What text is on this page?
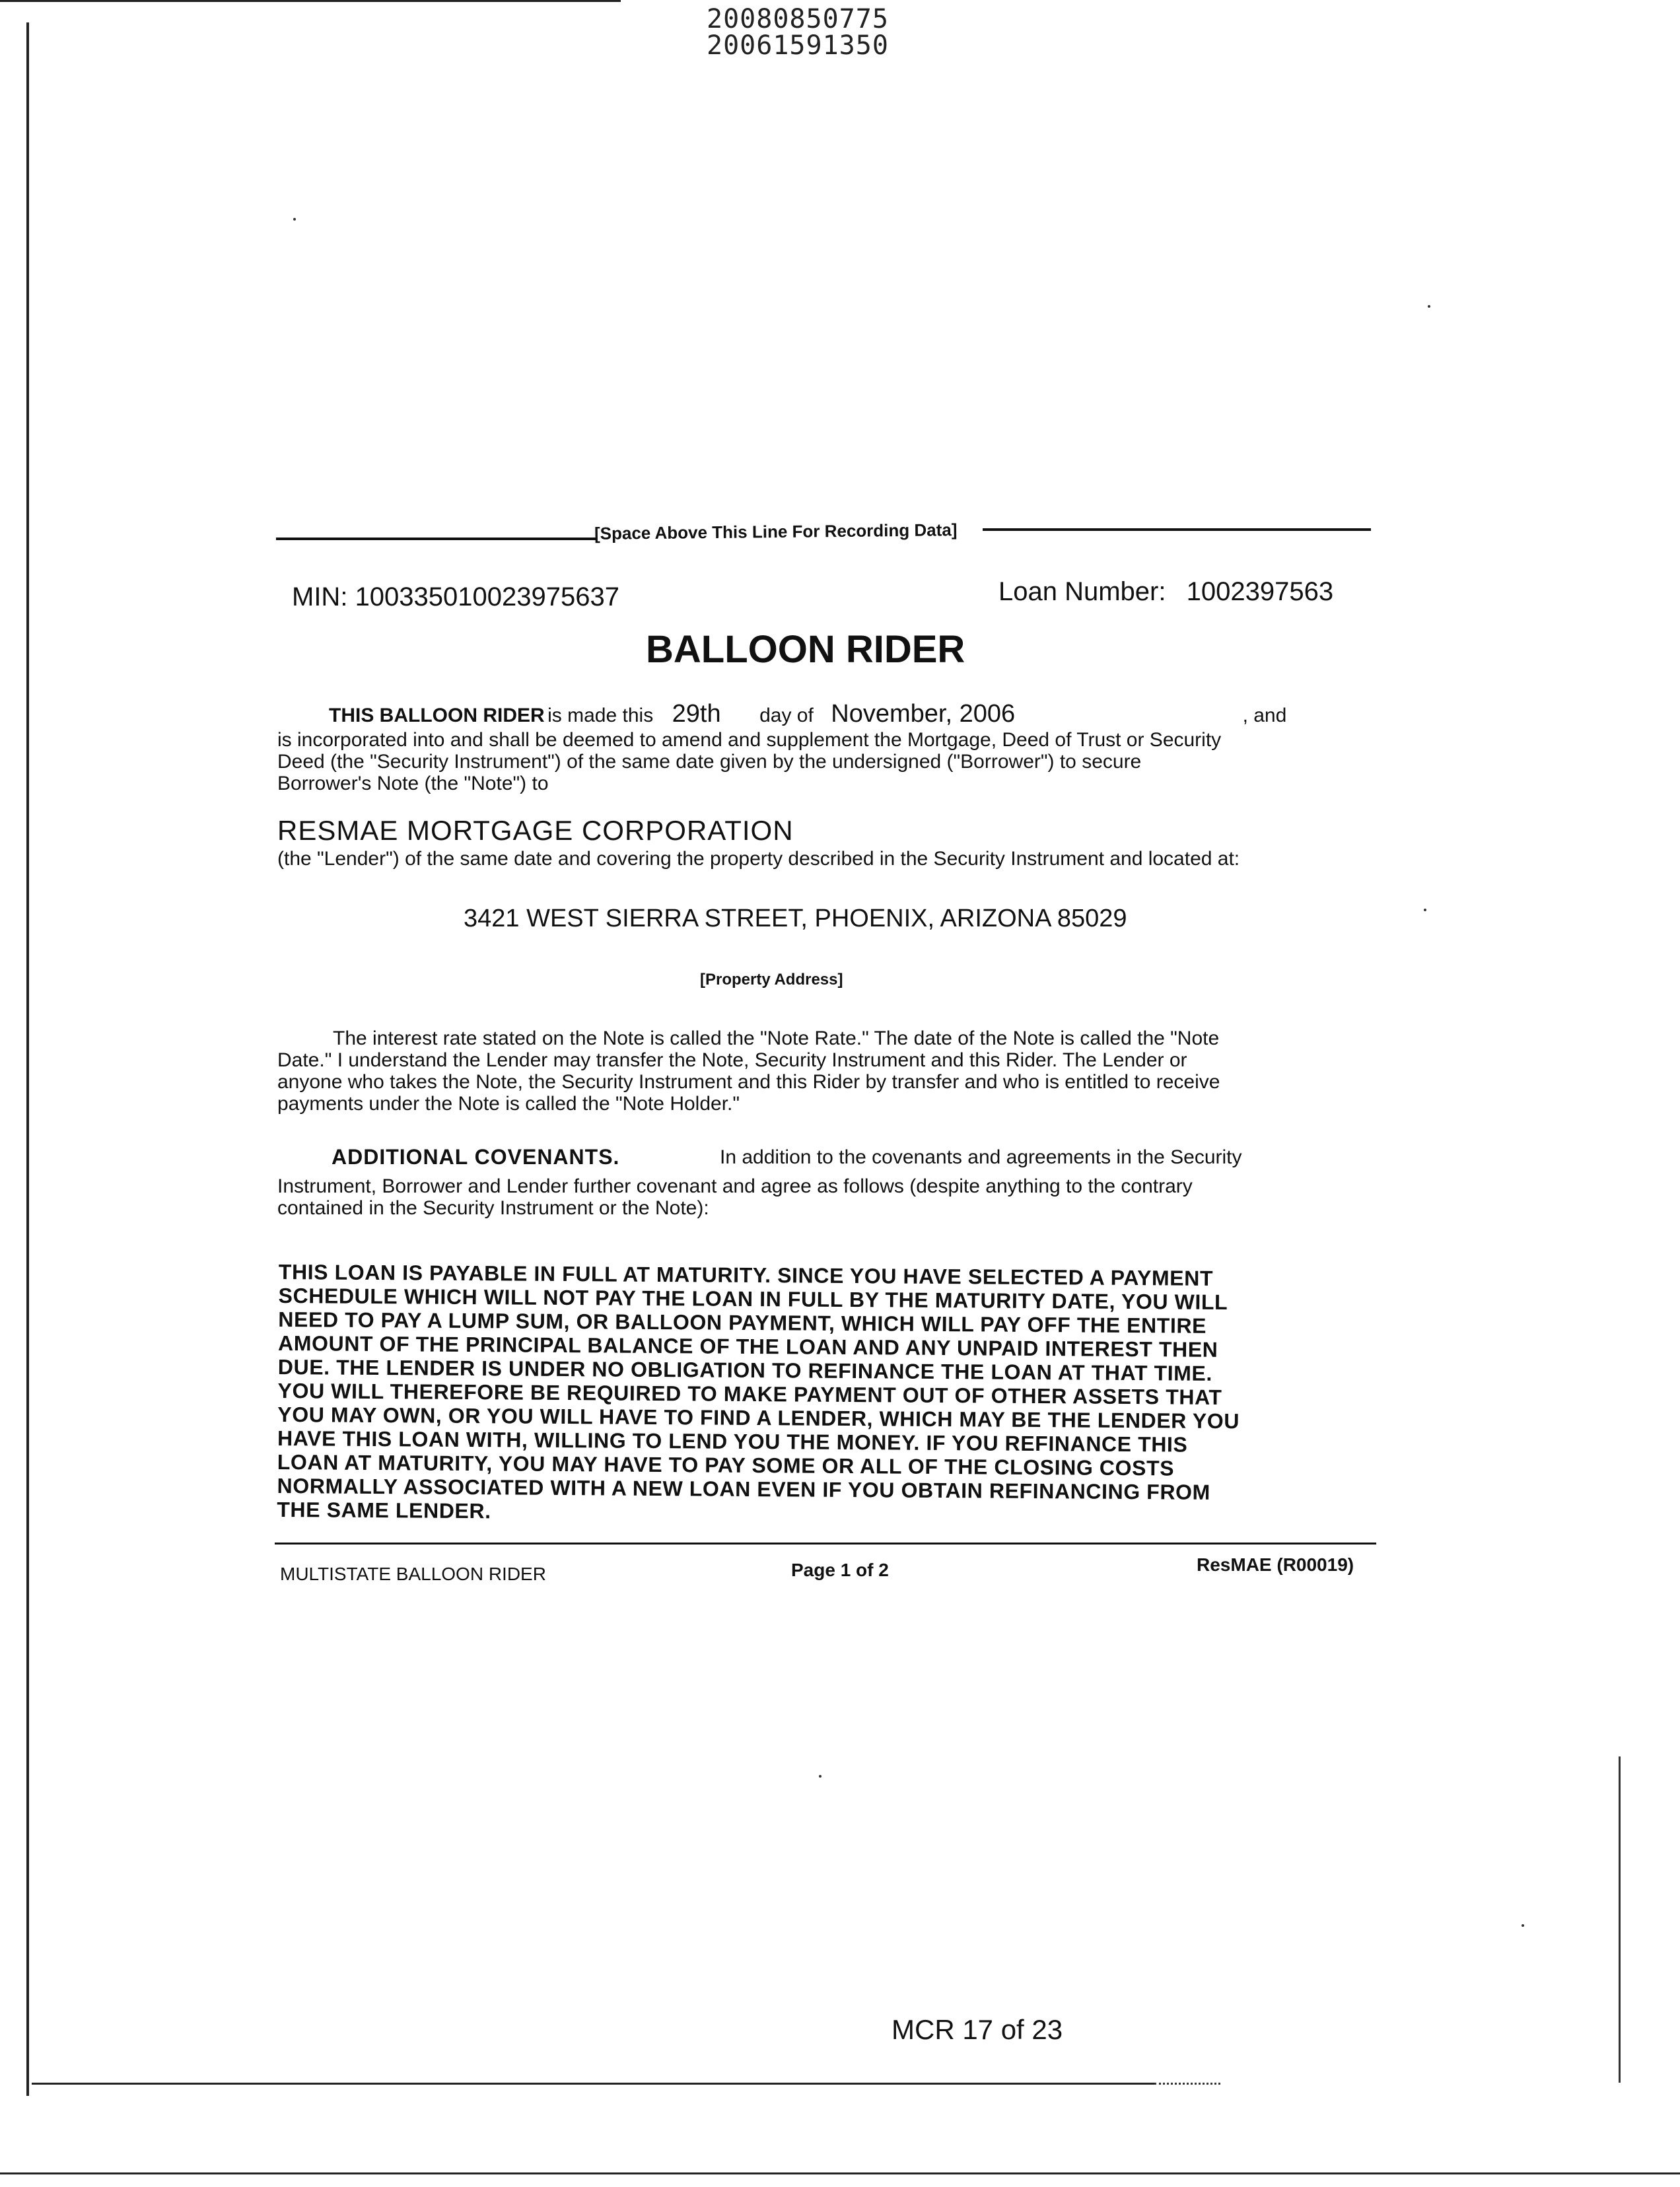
20080850775
20061591350
[Space Above This Line For Recording Data]
MIN: 100335010023975637	Loan Number: 1002397563
BALLOON RIDER
THIS BALLOON RIDER is made this 29th day of November, 2006	, and
is incorporated into and shall be deemed to amend and supplement the Mortgage, Deed of Trust or Security
Deed (the "Security Instrument") of the same date given by the undersigned ("Borrower") to secure
Borrower's Note (the "Note") to
RESMAE MORTGAGE CORPORATION
(the "Lender") of the same date and covering the property described in the Security Instrument and located at:
3421 WEST SIERRA STREET, PHOENIX, ARIZONA 85029
[Property Address]
The interest rate stated on the Note is called the "Note Rate." The date of the Note is called the "Note
Date." I understand the Lender may transfer the Note, Security Instrument and this Rider. The Lender or
anyone who takes the Note, the Security Instrument and this Rider by transfer and who is entitled to receive
payments under the Note is called the "Note Holder."
ADDITIONAL COVENANTS.	In addition to the covenants and agreements in the Security
Instrument, Borrower and Lender further covenant and agree as follows (despite anything to the contrary
contained in the Security Instrument or the Note):
THIS LOAN IS PAYABLE IN FULL AT MATURITY. SINCE YOU HAVE SELECTED A PAYMENT
SCHEDULE WHICH WILL NOT PAY THE LOAN IN FULL BY THE MATURITY DATE, YOU WILL
NEED TO PAY A LUMP SUM, OR BALLOON PAYMENT, WHICH WILL PAY OFF THE ENTIRE
AMOUNT OF THE PRINCIPAL BALANCE OF THE LOAN AND ANY UNPAID INTEREST THEN
DUE. THE LENDER IS UNDER NO OBLIGATION TO REFINANCE THE LOAN AT THAT TIME.
YOU WILL THEREFORE BE REQUIRED TO MAKE PAYMENT OUT OF OTHER ASSETS THAT
YOU MAY OWN, OR YOU WILL HAVE TO FIND A LENDER, WHICH MAY BE THE LENDER YOU
HAVE THIS LOAN WITH, WILLING TO LEND YOU THE MONEY. IF YOU REFINANCE THIS
LOAN AT MATURITY, YOU MAY HAVE TO PAY SOME OR ALL OF THE CLOSING COSTS
NORMALLY ASSOCIATED WITH A NEW LOAN EVEN IF YOU OBTAIN REFINANCING FROM
THE SAME LENDER.
MULTISTATE BALLOON RIDER	Page 1 of 2	ResMAE (R00019)
MCR 17 of 23
